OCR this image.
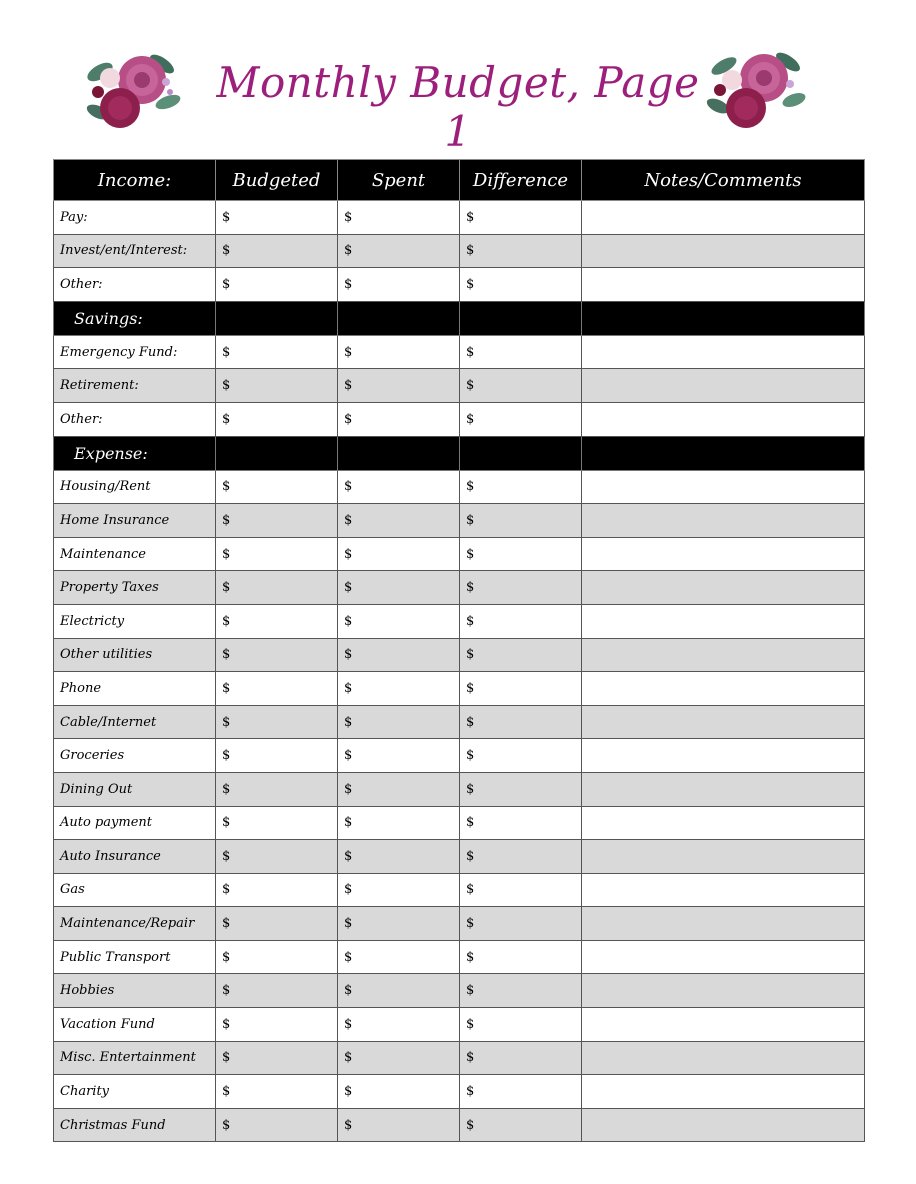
Monthly Budget, Page 1
Income:	Budgeted	Spent	Difference	Notes/Comments
Pay:	$	$	$	
Invest/ent/Interest:	$	$	$	
Other:	$	$	$	
Savings:				
Emergency Fund:	$	$	$	
Retirement:	$	$	$	
Other:	$	$	$	
Expense:				
Housing/Rent	$	$	$	
Home Insurance	$	$	$	
Maintenance	$	$	$	
Property Taxes	$	$	$	
Electricty	$	$	$	
Other utilities	$	$	$	
Phone	$	$	$	
Cable/Internet	$	$	$	
Groceries	$	$	$	
Dining Out	$	$	$	
Auto payment	$	$	$	
Auto Insurance	$	$	$	
Gas	$	$	$	
Maintenance/Repair	$	$	$	
Public Transport	$	$	$	
Hobbies	$	$	$	
Vacation Fund	$	$	$	
Misc. Entertainment	$	$	$	
Charity	$	$	$	
Christmas Fund	$	$	$	
